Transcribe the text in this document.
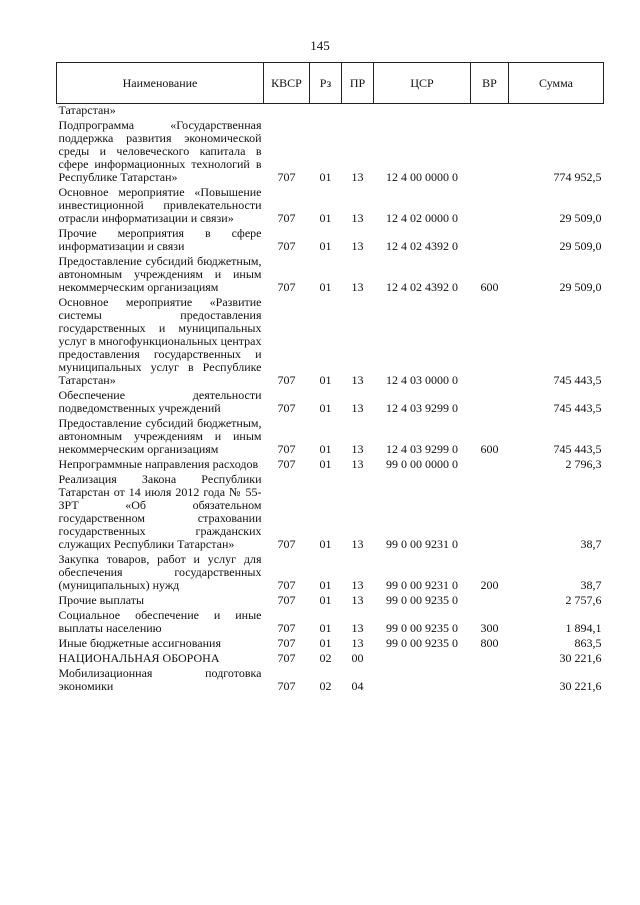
145
Наименование	КВСР	Рз	ПР	ЦСР	ВР	Сумма
Татарстан»						
Подпрограмма «Государственная поддержка развития экономической среды и человеческого капитала в сфере информационных технологий в Республике Татарстан»	707	01	13	12 4 00 0000 0		774 952,5
Основное мероприятие «Повышение инвестиционной привлекательности отрасли информатизации и связи»	707	01	13	12 4 02 0000 0		29 509,0
Прочие мероприятия в сфере информатизации и связи	707	01	13	12 4 02 4392 0		29 509,0
Предоставление субсидий бюджетным, автономным учреждениям и иным некоммерческим организациям	707	01	13	12 4 02 4392 0	600	29 509,0
Основное мероприятие «Развитие системы предоставления государственных и муниципальных услуг в многофункциональных центрах предоставления государственных и муниципальных услуг в Республике Татарстан»	707	01	13	12 4 03 0000 0		745 443,5
Обеспечение деятельности подведомственных учреждений	707	01	13	12 4 03 9299 0		745 443,5
Предоставление субсидий бюджетным, автономным учреждениям и иным некоммерческим организациям	707	01	13	12 4 03 9299 0	600	745 443,5
Непрограммные направления расходов	707	01	13	99 0 00 0000 0		2 796,3
Реализация Закона Республики Татарстан от 14 июля 2012 года № 55-ЗРТ «Об обязательном государственном страховании государственных гражданских служащих Республики Татарстан»	707	01	13	99 0 00 9231 0		38,7
Закупка товаров, работ и услуг для обеспечения государственных (муниципальных) нужд	707	01	13	99 0 00 9231 0	200	38,7
Прочие выплаты	707	01	13	99 0 00 9235 0		2 757,6
Социальное обеспечение и иные выплаты населению	707	01	13	99 0 00 9235 0	300	1 894,1
Иные бюджетные ассигнования	707	01	13	99 0 00 9235 0	800	863,5
НАЦИОНАЛЬНАЯ ОБОРОНА	707	02	00			30 221,6
Мобилизационная подготовка экономики	707	02	04			30 221,6
